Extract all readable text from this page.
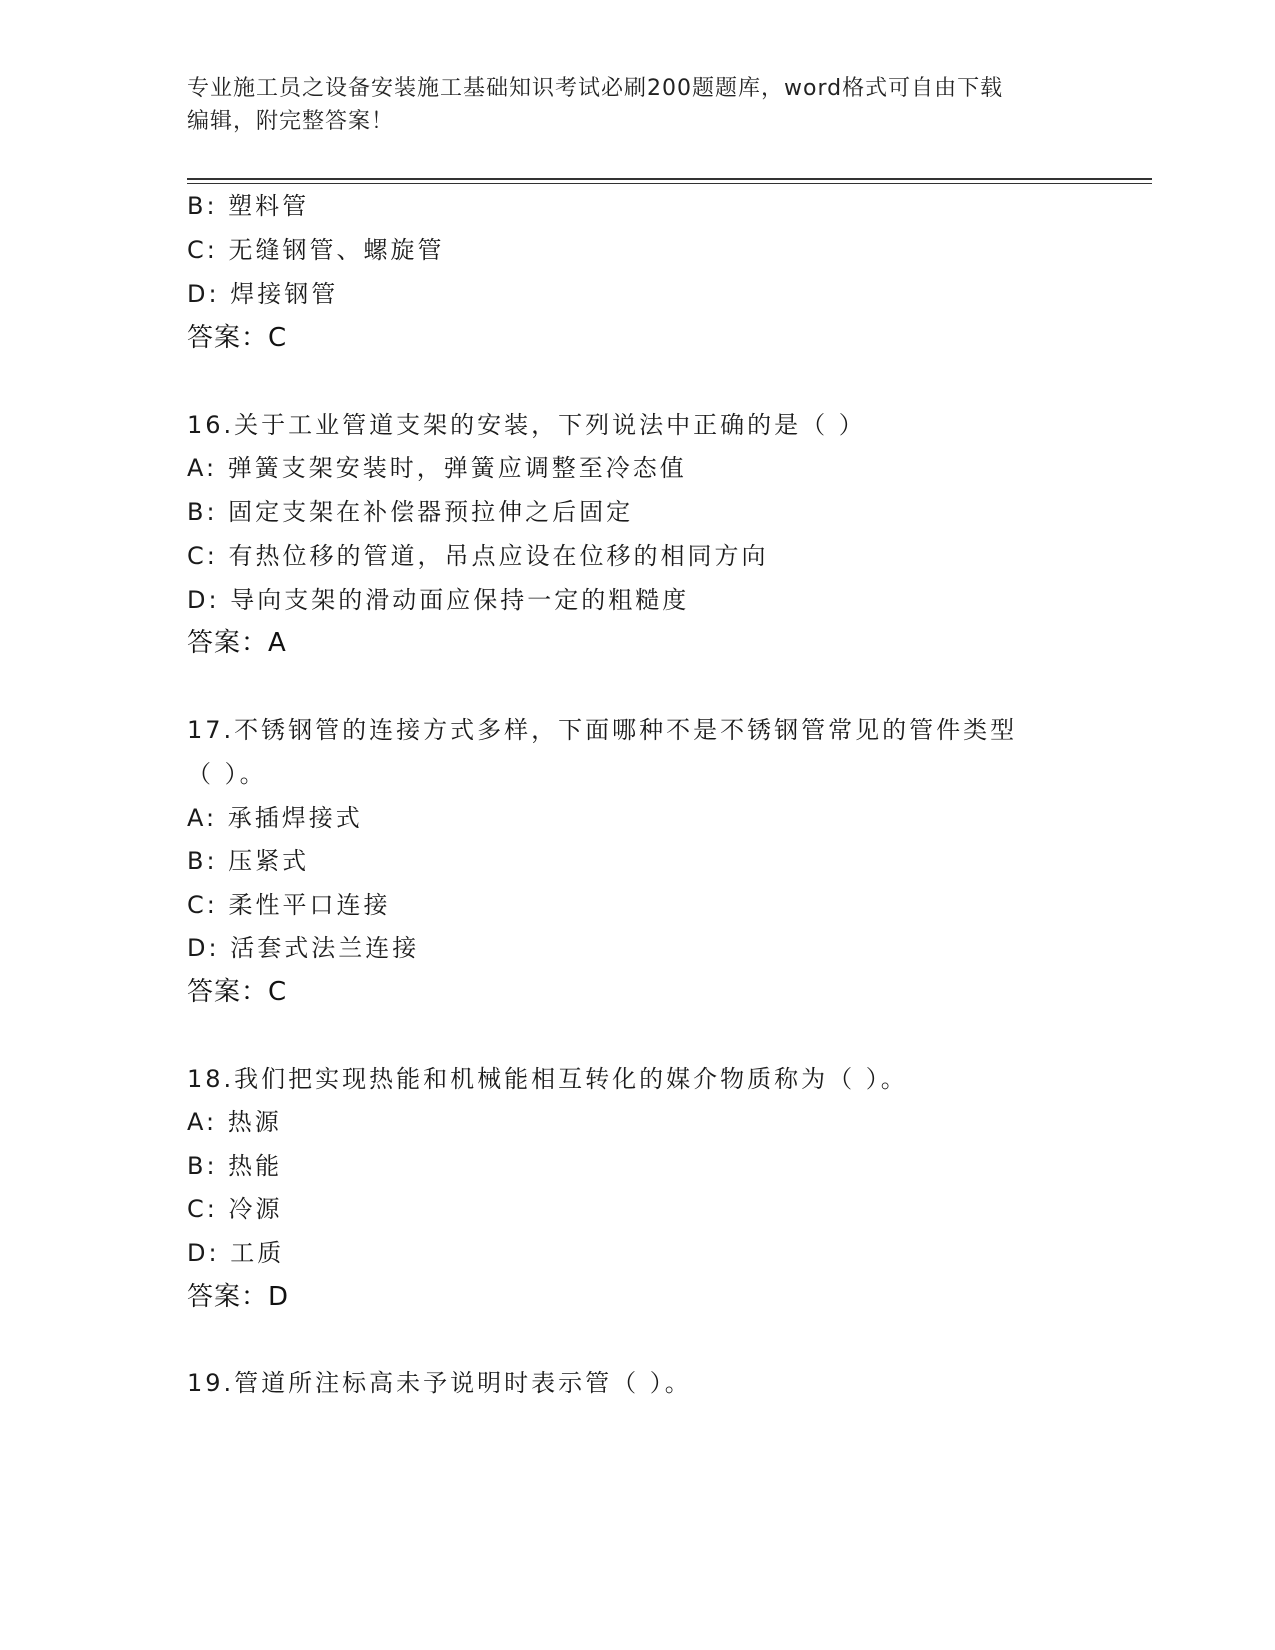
专业施工员之设备安装施工基础知识考试必刷200题题库，word格式可自由下载
编辑，附完整答案！
B: 塑料管
C: 无缝钢管、螺旋管
D: 焊接钢管
答案：C
16.关于工业管道支架的安装，下列说法中正确的是（ ）
A: 弹簧支架安装时，弹簧应调整至冷态值
B: 固定支架在补偿器预拉伸之后固定
C: 有热位移的管道，吊点应设在位移的相同方向
D: 导向支架的滑动面应保持一定的粗糙度
答案：A
17.不锈钢管的连接方式多样，下面哪种不是不锈钢管常见的管件类型
（ ）。
A: 承插焊接式
B: 压紧式
C: 柔性平口连接
D: 活套式法兰连接
答案：C
18.我们把实现热能和机械能相互转化的媒介物质称为（ ）。
A: 热源
B: 热能
C: 冷源
D: 工质
答案：D
19.管道所注标高未予说明时表示管（ ）。
